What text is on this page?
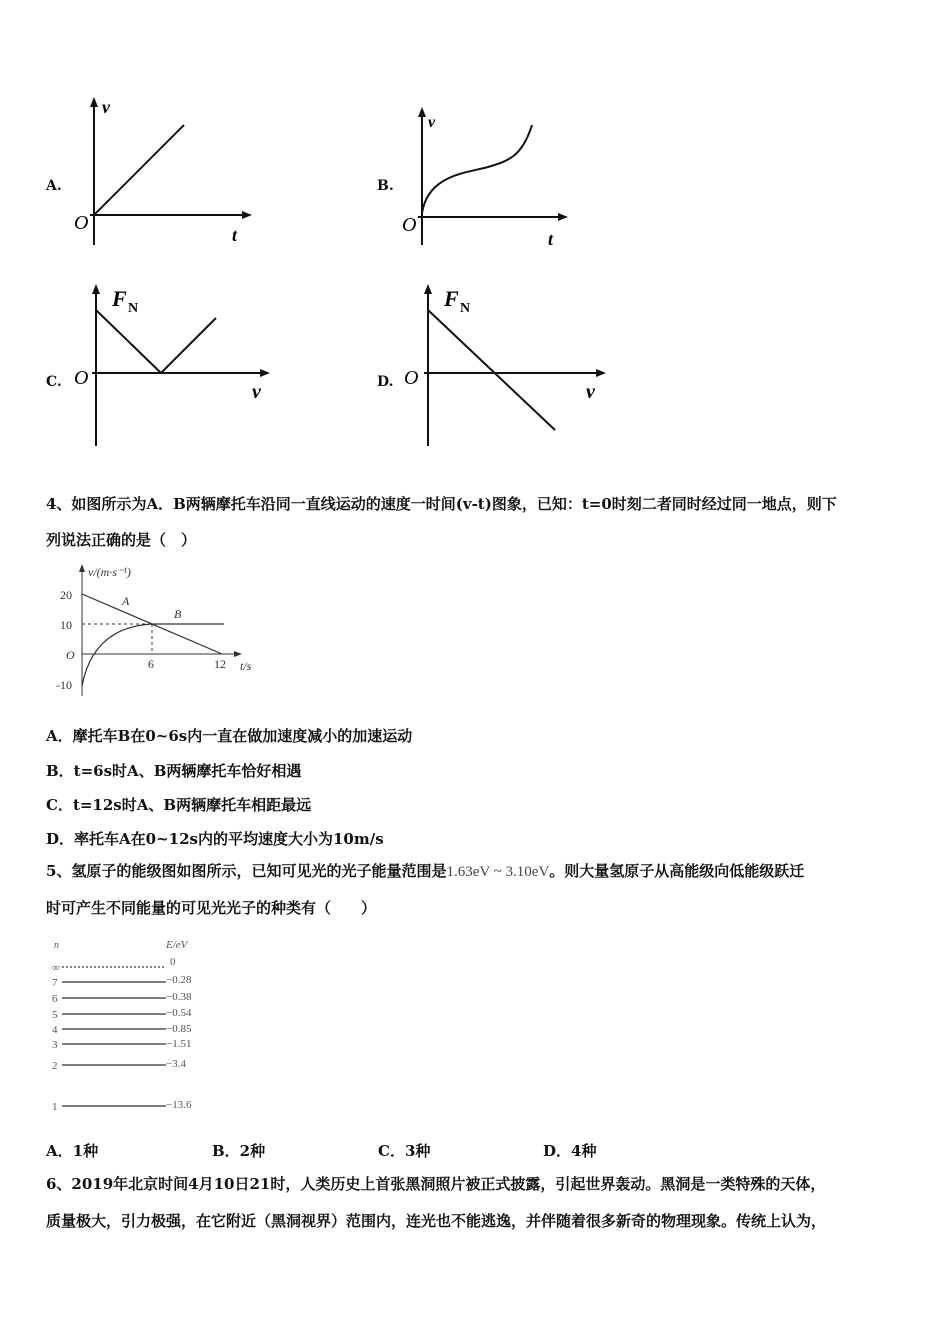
A.
v
O
t
B.
v
O
t
C.
F N
O
v	D.
F N
O
v
4、如图所示为A．B两辆摩托车沿同一直线运动的速度一时间(v-t)图象，已知：t=0时刻二者同时经过同一地点，则下
列说法正确的是（　）
v/(m·s⁻¹)
20
10
O
-10
6	12 t/s
A
B
A．摩托车B在0~6s内一直在做加速度减小的加速运动
B．t=6s时A、B两辆摩托车恰好相遇
C．t=12s时A、B两辆摩托车相距最远
D．率托车A在0~12s内的平均速度大小为10m/s
5、氢原子的能级图如图所示，已知可见光的光子能量范围是1.63eV ~ 3.10eV。则大量氢原子从高能级向低能级跃迁
时可产生不同能量的可见光光子的种类有（　　）
n	E/eV
∞
7
6
5
4
3
2
1
0
−0.28
−0.38
−0.54
−0.85
−1.51
−3.4
−13.6
A．1种	B．2种	C．3种	D．4种
6、2019年北京时间4月10日21时，人类历史上首张黑洞照片被正式披露，引起世界轰动。黑洞是一类特殊的天体，
质量极大，引力极强，在它附近（黑洞视界）范围内，连光也不能逃逸，并伴随着很多新奇的物理现象。传统上认为，
